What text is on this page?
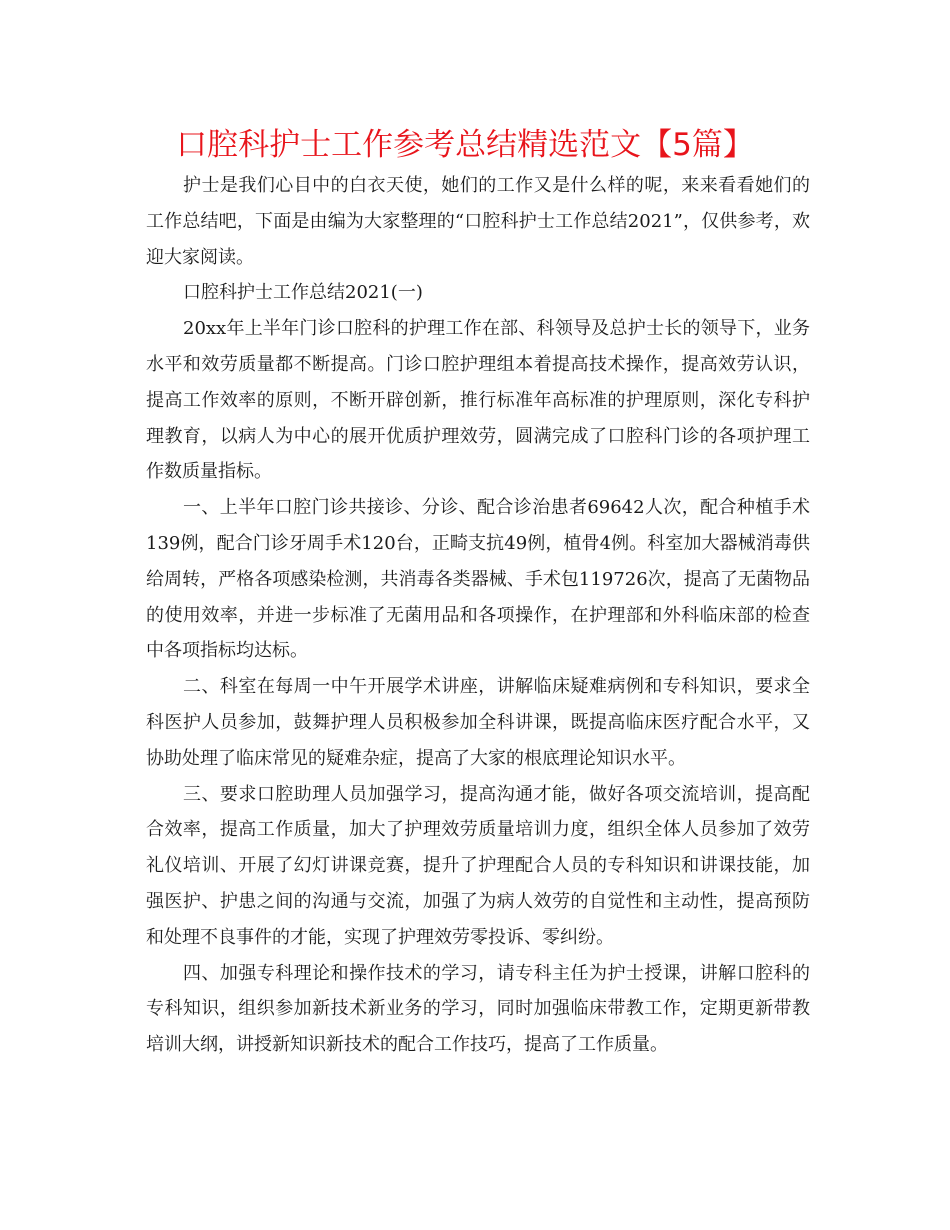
口腔科护士工作参考总结精选范文【5篇】

护士是我们心目中的白衣天使，她们的工作又是什么样的呢，来来看看她们的工作总结吧，下面是由编为大家整理的“口腔科护士工作总结2021”，仅供参考，欢迎大家阅读。

口腔科护士工作总结2021(一)

20xx年上半年门诊口腔科的护理工作在部、科领导及总护士长的领导下，业务水平和效劳质量都不断提高。门诊口腔护理组本着提高技术操作，提高效劳认识，提高工作效率的原则，不断开辟创新，推行标准年高标准的护理原则，深化专科护理教育，以病人为中心的展开优质护理效劳，圆满完成了口腔科门诊的各项护理工作数质量指标。

一、上半年口腔门诊共接诊、分诊、配合诊治患者69642人次，配合种植手术139例，配合门诊牙周手术120台，正畸支抗49例，植骨4例。科室加大器械消毒供给周转，严格各项感染检测，共消毒各类器械、手术包119726次，提高了无菌物品的使用效率，并进一步标准了无菌用品和各项操作，在护理部和外科临床部的检查中各项指标均达标。

二、科室在每周一中午开展学术讲座，讲解临床疑难病例和专科知识，要求全科医护人员参加，鼓舞护理人员积极参加全科讲课，既提高临床医疗配合水平，又协助处理了临床常见的疑难杂症，提高了大家的根底理论知识水平。

三、要求口腔助理人员加强学习，提高沟通才能，做好各项交流培训，提高配合效率，提高工作质量，加大了护理效劳质量培训力度，组织全体人员参加了效劳礼仪培训、开展了幻灯讲课竞赛，提升了护理配合人员的专科知识和讲课技能，加强医护、护患之间的沟通与交流，加强了为病人效劳的自觉性和主动性，提高预防和处理不良事件的才能，实现了护理效劳零投诉、零纠纷。

四、加强专科理论和操作技术的学习，请专科主任为护士授课，讲解口腔科的专科知识，组织参加新技术新业务的学习，同时加强临床带教工作，定期更新带教培训大纲，讲授新知识新技术的配合工作技巧，提高了工作质量。
